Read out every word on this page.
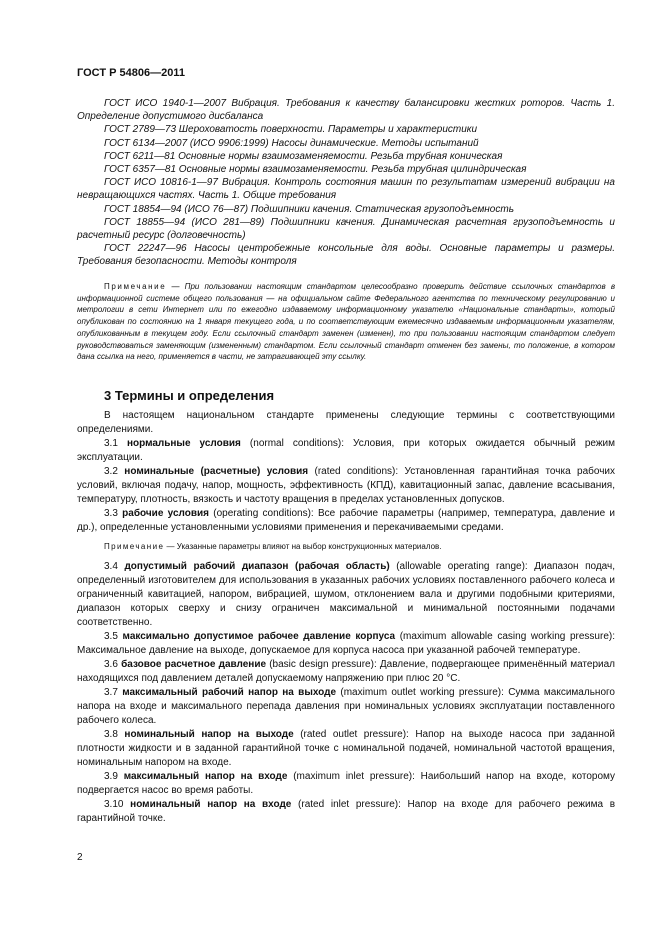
ГОСТ Р 54806—2011

ГОСТ ИСО 1940-1—2007 Вибрация. Требования к качеству балансировки жестких роторов. Часть 1. Определение допустимого дисбаланса

ГОСТ 2789—73 Шероховатость поверхности. Параметры и характеристики

ГОСТ 6134—2007 (ИСО 9906:1999) Насосы динамические. Методы испытаний

ГОСТ 6211—81 Основные нормы взаимозаменяемости. Резьба трубная коническая

ГОСТ 6357—81 Основные нормы взаимозаменяемости. Резьба трубная цилиндрическая

ГОСТ ИСО 10816-1—97 Вибрация. Контроль состояния машин по результатам измерений вибрации на невращающихся частях. Часть 1. Общие требования

ГОСТ 18854—94 (ИСО 76—87) Подшипники качения. Статическая грузоподъемность

ГОСТ 18855—94 (ИСО 281—89) Подшипники качения. Динамическая расчетная грузоподъемность и расчетный ресурс (долговечность)

ГОСТ 22247—96 Насосы центробежные консольные для воды. Основные параметры и размеры. Требования безопасности. Методы контроля

Примечание — При пользовании настоящим стандартом целесообразно проверить действие ссылочных стандартов в информационной системе общего пользования — на официальном сайте Федерального агентства по техническому регулированию и метрологии в сети Интернет или по ежегодно издаваемому информационному указателю «Национальные стандарты», который опубликован по состоянию на 1 января текущего года, и по соответствующим ежемесячно издаваемым информационным указателям, опубликованным в текущем году. Если ссылочный стандарт заменен (изменен), то при пользовании настоящим стандартом следует руководствоваться заменяющим (измененным) стандартом. Если ссылочный стандарт отменен без замены, то положение, в котором дана ссылка на него, применяется в части, не затрагивающей эту ссылку.

3 Термины и определения

В настоящем национальном стандарте применены следующие термины с соответствующими определениями.

3.1 нормальные условия (normal conditions): Условия, при которых ожидается обычный режим эксплуатации.

3.2 номинальные (расчетные) условия (rated conditions): Установленная гарантийная точка рабочих условий, включая подачу, напор, мощность, эффективность (КПД), кавитационный запас, давление всасывания, температуру, плотность, вязкость и частоту вращения в пределах установленных допусков.

3.3 рабочие условия (operating conditions): Все рабочие параметры (например, температура, давление и др.), определенные установленными условиями применения и перекачиваемыми средами.

Примечание — Указанные параметры влияют на выбор конструкционных материалов.

3.4 допустимый рабочий диапазон (рабочая область) (allowable operating range): Диапазон подач, определенный изготовителем для использования в указанных рабочих условиях поставленного рабочего колеса и ограниченный кавитацией, напором, вибрацией, шумом, отклонением вала и другими подобными критериями, диапазон которых сверху и снизу ограничен максимальной и минимальной постоянными подачами соответственно.

3.5 максимально допустимое рабочее давление корпуса (maximum allowable casing working pressure): Максимальное давление на выходе, допускаемое для корпуса насоса при указанной рабочей температуре.

3.6 базовое расчетное давление (basic design pressure): Давление, подвергающее применённый материал находящихся под давлением деталей допускаемому напряжению при плюс 20 °С.

3.7 максимальный рабочий напор на выходе (maximum outlet working pressure): Сумма максимального напора на входе и максимального перепада давления при номинальных условиях эксплуатации поставленного рабочего колеса.

3.8 номинальный напор на выходе (rated outlet pressure): Напор на выходе насоса при заданной плотности жидкости и в заданной гарантийной точке с номинальной подачей, номинальной частотой вращения, номинальным напором на входе.

3.9 максимальный напор на входе (maximum inlet pressure): Наибольший напор на входе, которому подвергается насос во время работы.

3.10 номинальный напор на входе (rated inlet pressure): Напор на входе для рабочего режима в гарантийной точке.

2
